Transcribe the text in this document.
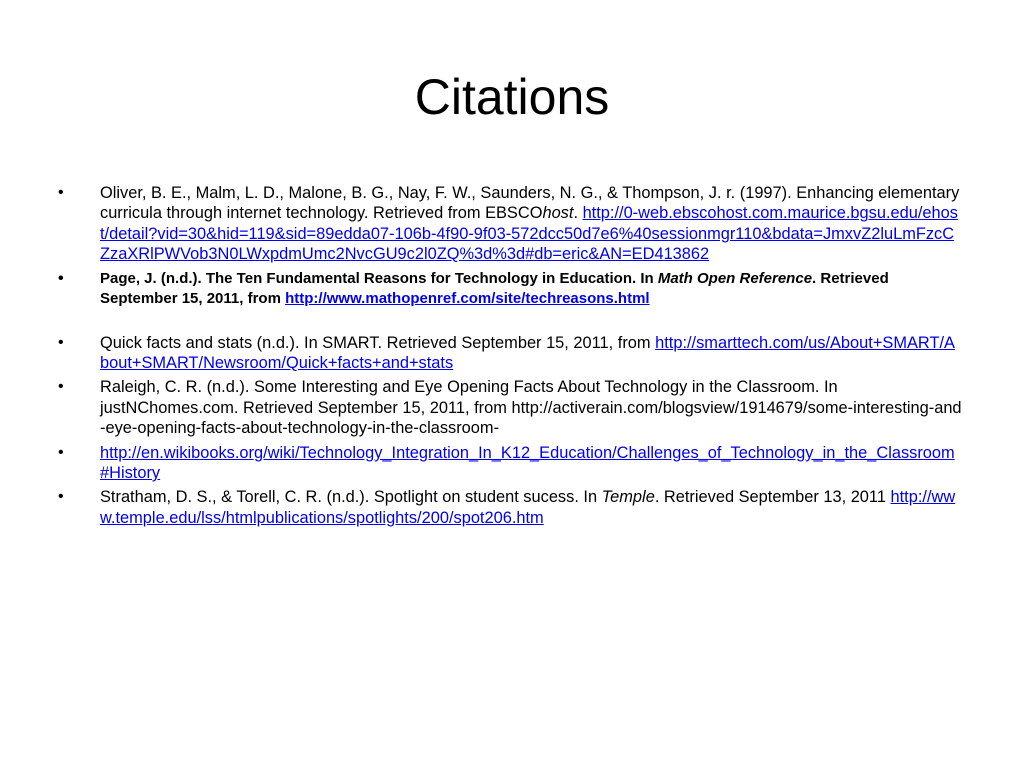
Citations
•	Oliver, B. E., Malm, L. D., Malone, B. G., Nay, F. W., Saunders, N. G., & Thompson, J. r. (1997). Enhancing elementary curricula through internet technology. Retrieved from EBSCOhost. http://0-web.ebscohost.com.maurice.bgsu.edu/ehost/detail?vid=30&hid=119&sid=89edda07-106b-4f90-9f03-572dcc50d7e6%40sessionmgr110&bdata=JmxvZ2luLmFzcCZzaXRlPWVob3N0LWxpdmUmc2NvcGU9c2l0ZQ%3d%3d#db=eric&AN=ED413862
•	Page, J. (n.d.). The Ten Fundamental Reasons for Technology in Education. In Math Open Reference. Retrieved September 15, 2011, from http://www.mathopenref.com/site/techreasons.html
•	Quick facts and stats (n.d.). In SMART. Retrieved September 15, 2011, from http://smarttech.com/us/About+SMART/About+SMART/Newsroom/Quick+facts+and+stats
•	Raleigh, C. R. (n.d.). Some Interesting and Eye Opening Facts About Technology in the Classroom. In justNChomes.com. Retrieved September 15, 2011, from http://activerain.com/blogsview/1914679/some-interesting-and-eye-opening-facts-about-technology-in-the-classroom-
•	http://en.wikibooks.org/wiki/Technology_Integration_In_K12_Education/Challenges_of_Technology_in_the_Classroom#History
•	Stratham, D. S., & Torell, C. R. (n.d.). Spotlight on student sucess. In Temple. Retrieved September 13, 2011 http://www.temple.edu/lss/htmlpublications/spotlights/200/spot206.htm
